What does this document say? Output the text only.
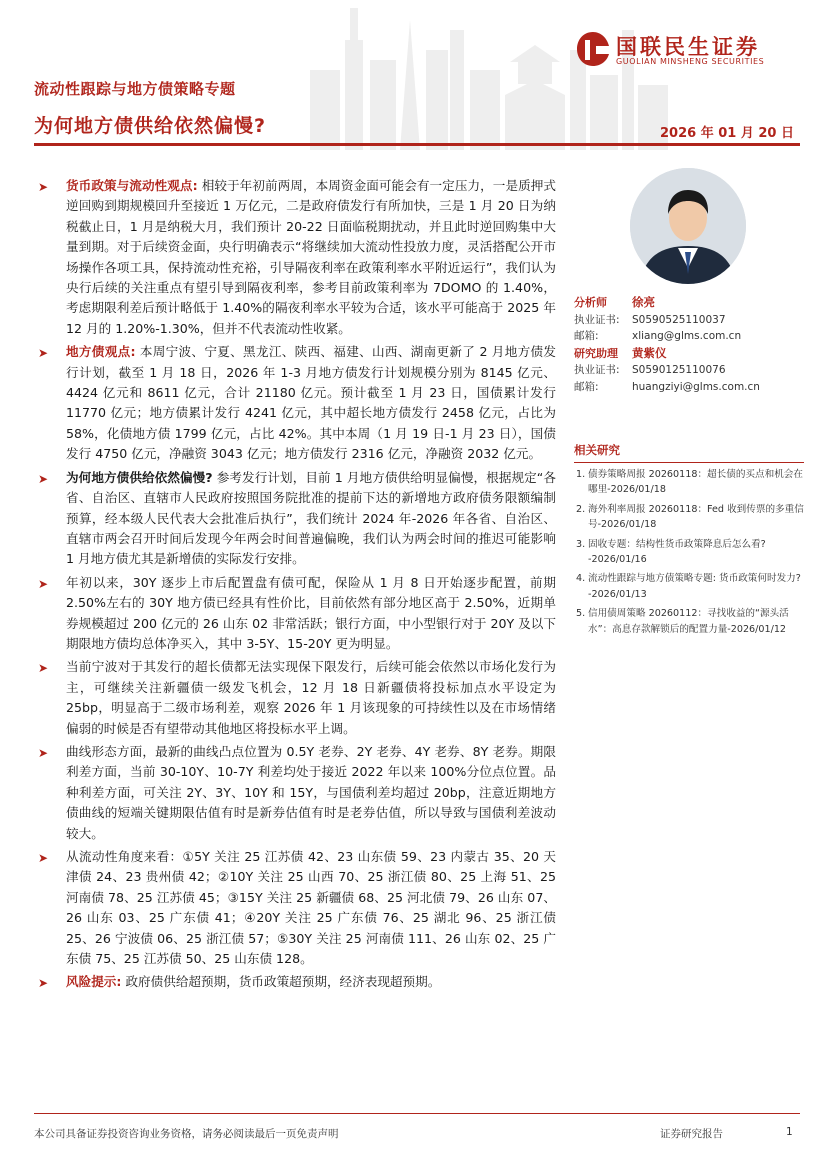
流动性跟踪与地方债策略专题
为何地方债供给依然偏慢?	2026 年 01 月 20 日
国联民生证券
GUOLIAN MINSHENG SECURITIES
➤ 货币政策与流动性观点: 相较于年初前两周，本周资金面可能会有一定压力，一是质押式逆回购到期规模回升至接近 1 万亿元，二是政府债发行有所加快，三是 1 月 20 日为纳税截止日，1 月是纳税大月，我们预计 20-22 日面临税期扰动，并且此时逆回购集中大量到期。对于后续资金面，央行明确表示“将继续加大流动性投放力度，灵活搭配公开市场操作各项工具，保持流动性充裕，引导隔夜利率在政策利率水平附近运行”，我们认为央行后续的关注重点有望引导到隔夜利率，参考目前政策利率为 7DOMO 的 1.40%，考虑期限利差后预计略低于 1.40%的隔夜利率水平较为合适，该水平可能高于 2025 年 12 月的 1.20%-1.30%，但并不代表流动性收紧。
➤ 地方债观点: 本周宁波、宁夏、黑龙江、陕西、福建、山西、湖南更新了 2 月地方债发行计划，截至 1 月 18 日，2026 年 1-3 月地方债发行计划规模分别为 8145 亿元、4424 亿元和 8611 亿元，合计 21180 亿元。预计截至 1 月 23 日，国债累计发行 11770 亿元；地方债累计发行 4241 亿元，其中超长地方债发行 2458 亿元，占比为 58%，化债地方债 1799 亿元，占比 42%。其中本周（1 月 19 日-1 月 23 日），国债发行 4750 亿元，净融资 3043 亿元；地方债发行 2316 亿元，净融资 2032 亿元。
➤ 为何地方债供给依然偏慢? 参考发行计划，目前 1 月地方债供给明显偏慢，根据规定“各省、自治区、直辖市人民政府按照国务院批准的提前下达的新增地方政府债务限额编制预算，经本级人民代表大会批准后执行”，我们统计 2024 年-2026 年各省、自治区、直辖市两会召开时间后发现今年两会时间普遍偏晚，我们认为两会时间的推迟可能影响 1 月地方债尤其是新增债的实际发行安排。
➤ 年初以来，30Y 逐步上市后配置盘有债可配，保险从 1 月 8 日开始逐步配置，前期 2.50%左右的 30Y 地方债已经具有性价比，目前依然有部分地区高于 2.50%，近期单券规模超过 200 亿元的 26 山东 02 非常活跃；银行方面，中小型银行对于 20Y 及以下期限地方债均总体净买入，其中 3-5Y、15-20Y 更为明显。
➤ 当前宁波对于其发行的超长债都无法实现保下限发行，后续可能会依然以市场化发行为主，可继续关注新疆债一级发飞机会，12 月 18 日新疆债将投标加点水平设定为 25bp，明显高于二级市场利差，观察 2026 年 1 月该现象的可持续性以及在市场情绪偏弱的时候是否有望带动其他地区将投标水平上调。
➤ 曲线形态方面，最新的曲线凸点位置为 0.5Y 老券、2Y 老券、4Y 老券、8Y 老券。期限利差方面，当前 30-10Y、10-7Y 利差均处于接近 2022 年以来 100%分位点位置。品种利差方面，可关注 2Y、3Y、10Y 和 15Y，与国债利差均超过 20bp，注意近期地方债曲线的短端关键期限估值有时是新券估值有时是老券估值，所以导致与国债利差波动较大。
➤ 从流动性角度来看：①5Y 关注 25 江苏债 42、23 山东债 59、23 内蒙古 35、20 天津债 24、23 贵州债 42；②10Y 关注 25 山西 70、25 浙江债 80、25 上海 51、25 河南债 78、25 江苏债 45；③15Y 关注 25 新疆债 68、25 河北债 79、26 山东 07、26 山东 03、25 广东债 41；④20Y 关注 25 广东债 76、25 湖北 96、25 浙江债 25、26 宁波债 06、25 浙江债 57；⑤30Y 关注 25 河南债 111、26 山东 02、25 广东债 75、25 江苏债 50、25 山东债 128。
➤ 风险提示: 政府债供给超预期，货币政策超预期，经济表现超预期。
分析师	徐亮
执业证书:	S0590525110037
邮箱:	xliang@glms.com.cn
研究助理	黄紫仪
执业证书:	S0590125110076
邮箱:	huangziyi@glms.com.cn
相关研究
1. 债券策略周报 20260118：超长债的买点和机会在哪里-2026/01/18
2. 海外利率周报 20260118：Fed 收到传票的多重信号-2026/01/18
3. 固收专题：结构性货币政策降息后怎么看?-2026/01/16
4. 流动性跟踪与地方债策略专题: 货币政策何时发力? -2026/01/13
5. 信用债周策略 20260112：寻找收益的“源头活水”：高息存款解锁后的配置力量-2026/01/12
本公司具备证券投资咨询业务资格，请务必阅读最后一页免责声明	证券研究报告	1
